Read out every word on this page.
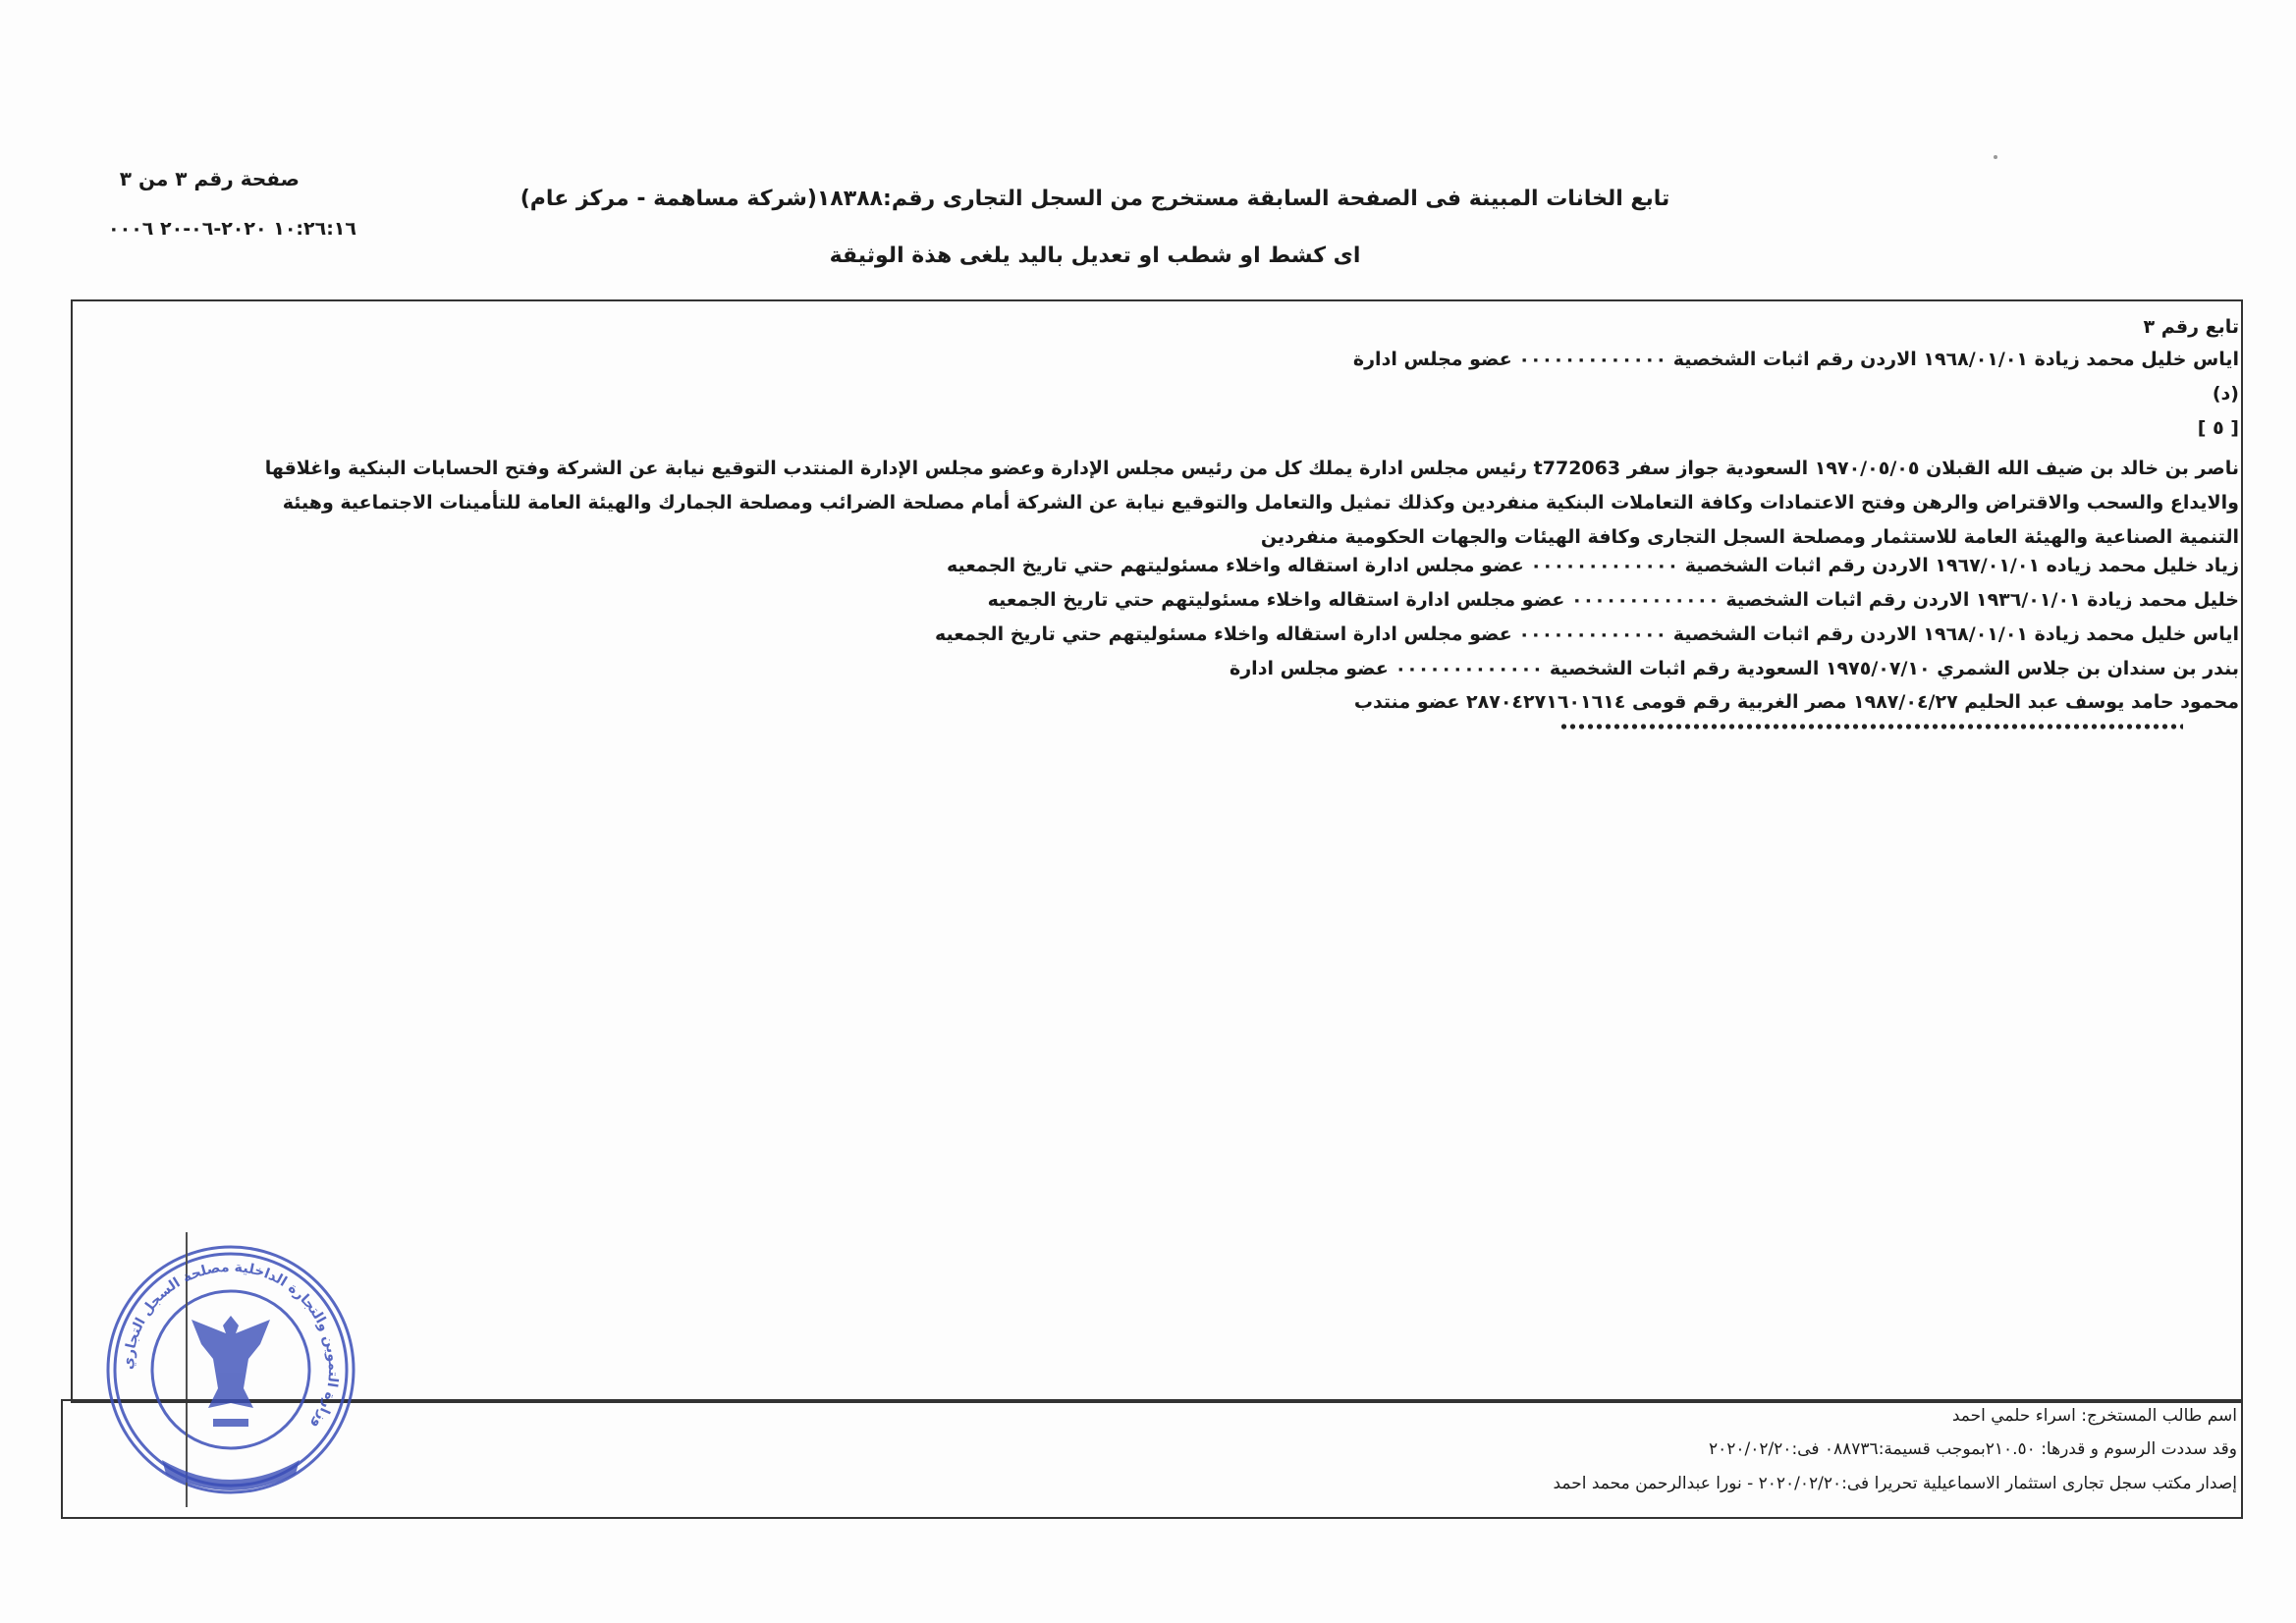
صفحة رقم ٣ من ٣
١٠:٢٦:١٦ ٢٠٢٠-٠٦-٢٠ ٠٠٠٦
تابع الخانات المبينة فى الصفحة السابقة مستخرج من السجل التجارى رقم:١٨٣٨٨(شركة مساهمة - مركز عام)
اى كشط او شطب او تعديل باليد يلغى هذة الوثيقة
تابع رقم ٣
اياس خليل محمد زيادة ١٩٦٨/٠١/٠١ الاردن رقم اثبات الشخصية ٠٠٠٠٠٠٠٠٠٠٠٠٠ عضو مجلس ادارة
(د)
[ ٥ ]
ناصر بن خالد بن ضيف الله القبلان ١٩٧٠/٠٥/٠٥ السعودية جواز سفر t772063 رئيس مجلس ادارة يملك كل من رئيس مجلس الإدارة وعضو مجلس الإدارة المنتدب التوقيع نيابة عن الشركة وفتح الحسابات البنكية واغلاقها والايداع والسحب والاقتراض والرهن وفتح الاعتمادات وكافة التعاملات البنكية منفردين وكذلك تمثيل والتعامل والتوقيع نيابة عن الشركة أمام مصلحة الضرائب ومصلحة الجمارك والهيئة العامة للتأمينات الاجتماعية وهيئة التنمية الصناعية والهيئة العامة للاستثمار ومصلحة السجل التجارى وكافة الهيئات والجهات الحكومية منفردين
زياد خليل محمد زياده ١٩٦٧/٠١/٠١ الاردن رقم اثبات الشخصية ٠٠٠٠٠٠٠٠٠٠٠٠٠ عضو مجلس ادارة استقاله واخلاء مسئوليتهم حتي تاريخ الجمعيه
خليل محمد زيادة ١٩٣٦/٠١/٠١ الاردن رقم اثبات الشخصية ٠٠٠٠٠٠٠٠٠٠٠٠٠ عضو مجلس ادارة استقاله واخلاء مسئوليتهم حتي تاريخ الجمعيه
اياس خليل محمد زيادة ١٩٦٨/٠١/٠١ الاردن رقم اثبات الشخصية ٠٠٠٠٠٠٠٠٠٠٠٠٠ عضو مجلس ادارة استقاله واخلاء مسئوليتهم حتي تاريخ الجمعيه
بندر بن سندان بن جلاس الشمري ١٩٧٥/٠٧/١٠ السعودية رقم اثبات الشخصية ٠٠٠٠٠٠٠٠٠٠٠٠٠ عضو مجلس ادارة
محمود حامد يوسف عبد الحليم ١٩٨٧/٠٤/٢٧ مصر الغربية رقم قومى ٢٨٧٠٤٢٧١٦٠١٦١٤ عضو منتدب
اسم طالب المستخرج: اسراء حلمي احمد
وقد سددت الرسوم و قدرها: ٢١٠.٥٠بموجب قسيمة:٠٨٨٧٣٦ فى:٢٠٢٠/٠٢/٢٠
إصدار مكتب سجل تجارى استثمار الاسماعيلية تحريرا فى:٢٠٢٠/٠٢/٢٠ - نورا عبدالرحمن محمد احمد
وزارة التموين والتجارة الداخلية مصلحة السجل التجاري
